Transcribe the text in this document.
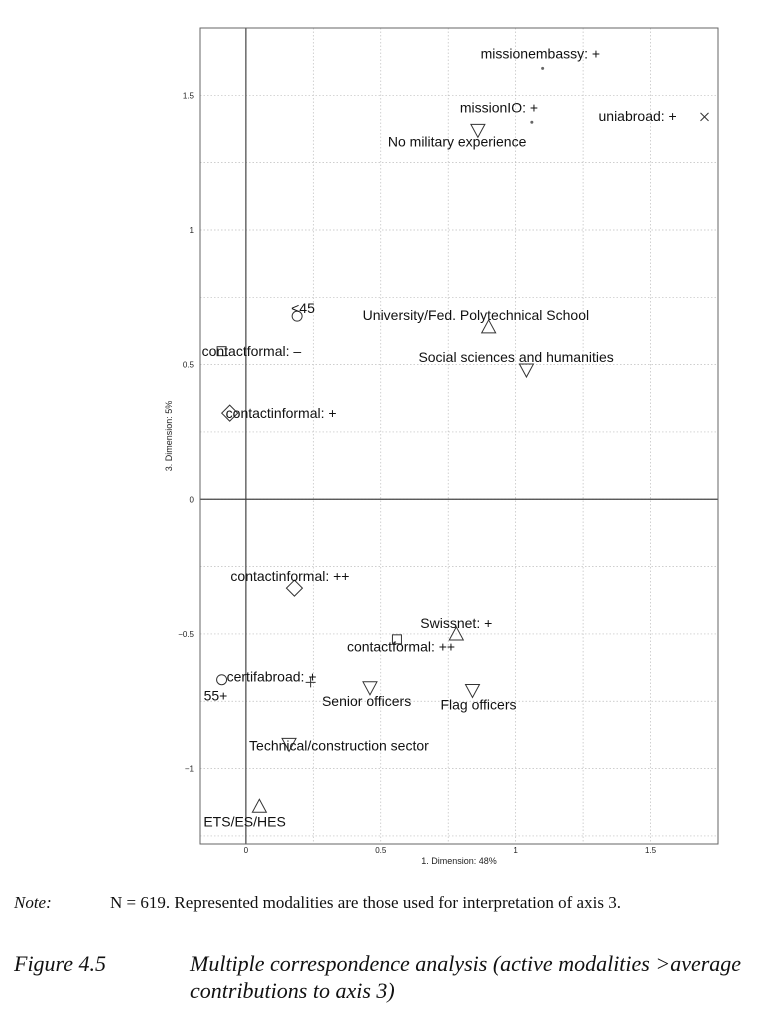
0	0.5	1	1.5
−1
−0.5
0
0.5
1
1.5
missionembassy: +
missionIO: +
uniabroad: +
No military experience
<45	University/Fed. Polytechnical School
contactformal: –	Social sciences and humanities
contactinformal: +
contactinformal: ++
Swissnet: +
contactformal: ++
certifabroad: +
55+	Senior officers Flag officers
Technical/construction sector
ETS/ES/HES
1. Dimension: 48%
3. Dimension: 5%
Note:	N = 619. Represented modalities are those used for interpretation of axis 3.
Figure 4.5	Multiple correspondence analysis (active modalities >average contributions to axis 3)
